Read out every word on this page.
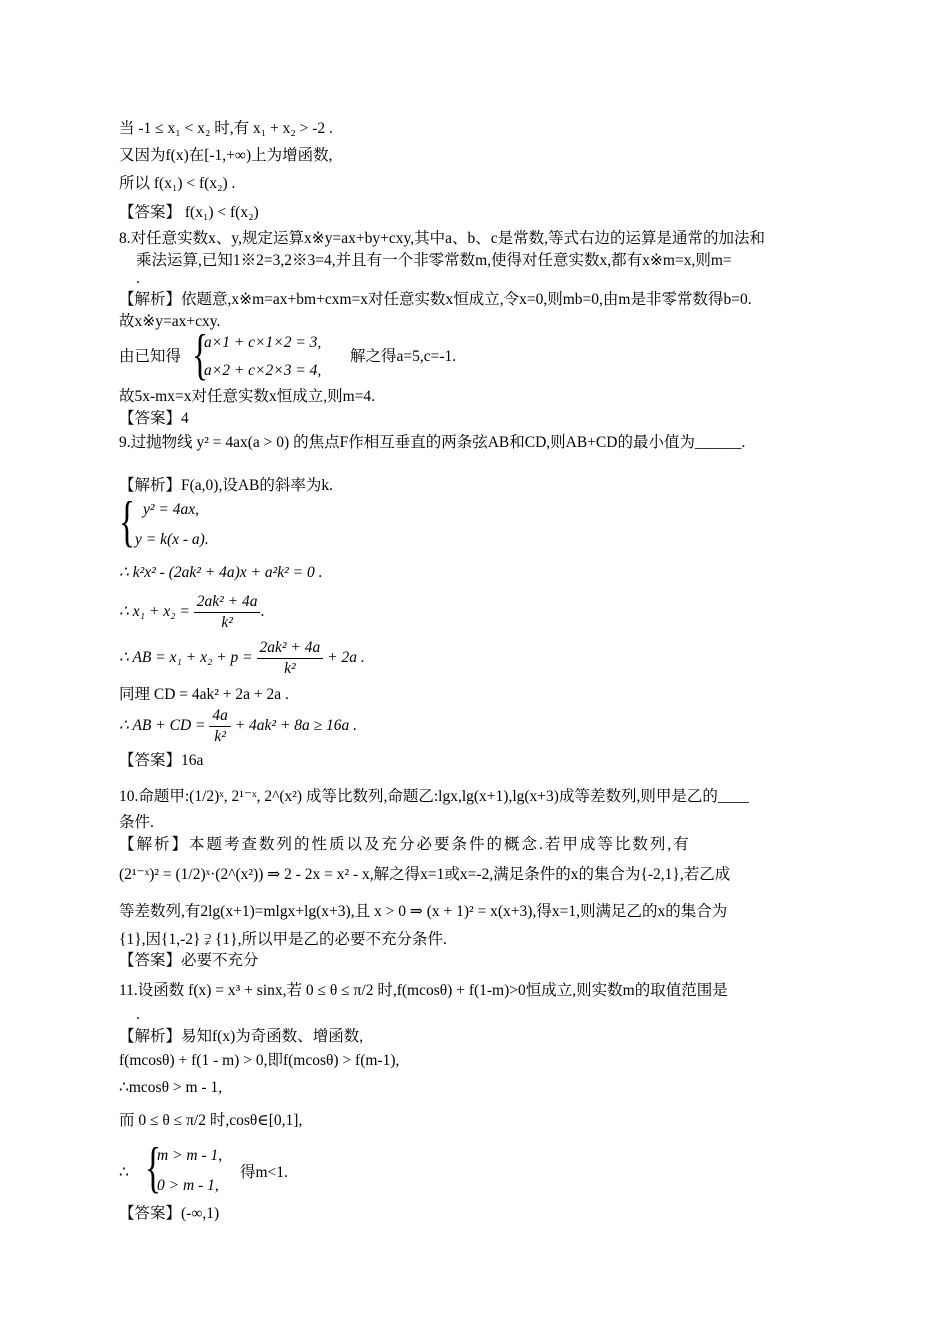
当 -1 ≤ x₁ < x₂ 时,有 x₁ + x₂ > -2 .
又因为f(x)在[-1,+∞)上为增函数,
所以 f(x₁) < f(x₂) .
【答案】 f(x₁) < f(x₂)
8.对任意实数x、y,规定运算x※y=ax+by+cxy,其中a、b、c是常数,等式右边的运算是通常的加法和
乘法运算,已知1※2=3,2※3=4,并且有一个非零常数m,使得对任意实数x,都有x※m=x,则m=
.
【解析】依题意,x※m=ax+bm+cxm=x对任意实数x恒成立,令x=0,则mb=0,由m是非零常数得b=0.
故x※y=ax+cxy.
由已知得 {
a×1 + c×1×2 = 3,
a×2 + c×2×3 = 4,
解之得a=5,c=-1.
故5x-mx=x对任意实数x恒成立,则m=4.
【答案】4
9.过抛物线 y² = 4ax(a > 0) 的焦点F作相互垂直的两条弦AB和CD,则AB+CD的最小值为______.
【解析】F(a,0),设AB的斜率为k.
{ y² = 4ax,
y = k(x - a).
∴ k²x² - (2ak² + 4a)x + a²k² = 0 .
∴ $x_1 + x_2 = \frac{\text{2ak² + 4a}}{\text{k²}}$ .
∴ AB = $x_1 + x_2 + p = \frac{\text{2ak² + 4a}}{\text{k²}} + 2a$ .
同理 CD = 4ak² + 2a + 2a .
∴ AB + CD = $\frac{4a}{\text{k²}} + 4ak^2 + 8a \ge 16a$ .
【答案】16a
10.命题甲:(1/2)ˣ, 2¹⁻ˣ, 2^(x²) 成等比数列,命题乙:lgx,lg(x+1),lg(x+3)成等差数列,则甲是乙的____
条件.
【解析】本题考查数列的性质以及充分必要条件的概念.若甲成等比数列,有
(2¹⁻ˣ)² = (1/2)ˣ·(2^(x²)) ⇒ 2 - 2x = x² - x,解之得x=1或x=-2,满足条件的x的集合为{-2,1},若乙成
等差数列,有2lg(x+1)=mlgx+lg(x+3),且 x > 0 ⇒ (x + 1)² = x(x+3),得x=1,则满足乙的x的集合为
{1},因{1,-2} ⫌ {1},所以甲是乙的必要不充分条件.
【答案】必要不充分
11.设函数 f(x) = x³ + sinx,若 0 ≤ θ ≤ π/2 时,f(mcosθ) + f(1-m)>0恒成立,则实数m的取值范围是
.
【解析】易知f(x)为奇函数、增函数,
f(mcosθ) + f(1 - m) > 0,即f(mcosθ) > f(m-1),
∴mcosθ > m - 1,
而 0 ≤ θ ≤ π/2 时,cosθ∈[0,1],
∴ {
m > m - 1,
0 > m - 1,
得m<1.
【答案】(-∞,1)
